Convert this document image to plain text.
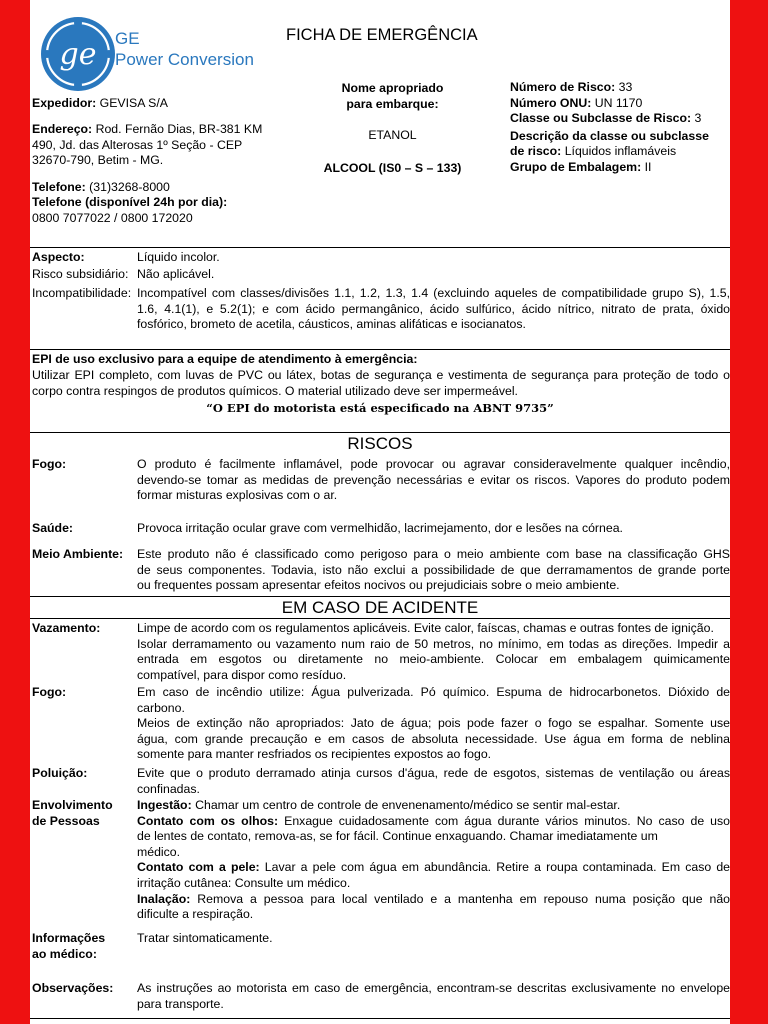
ge GE
Power Conversion
FICHA DE EMERGÊNCIA
Expedidor: GEVISA S/A
Endereço: Rod. Fernão Dias, BR-381 KM
490, Jd. das Alterosas 1º Seção - CEP
32670-790, Betim - MG.
Telefone: (31)3268-8000
Telefone (disponível 24h por dia):
0800 7077022 / 0800 172020
Nome apropriado
para embarque:
ETANOL
ALCOOL (IS0 – S – 133)
Número de Risco: 33
Número ONU: UN 1170
Classe ou Subclasse de Risco: 3
Descrição da classe ou subclasse
de risco: Líquidos inflamáveis
Grupo de Embalagem: II
Aspecto:	Líquido incolor.
Risco subsidiário: Não aplicável.
Incompatibilidade: Incompatível com classes/divisões 1.1, 1.2, 1.3, 1.4 (excluindo aqueles de compatibilidade grupo S), 1.5,
1.6, 4.1(1), e 5.2(1); e com ácido permangânico, ácido sulfúrico, ácido nítrico, nitrato de prata, óxido
fosfórico, brometo de acetila, cáusticos, aminas alifáticas e isocianatos.
EPI de uso exclusivo para a equipe de atendimento à emergência:
Utilizar EPI completo, com luvas de PVC ou látex, botas de segurança e vestimenta de segurança para proteção de todo o
corpo contra respingos de produtos químicos. O material utilizado deve ser impermeável.
“O EPI do motorista está especificado na ABNT 9735”
RISCOS
Fogo:	O produto é facilmente inflamável, pode provocar ou agravar consideravelmente qualquer incêndio,
devendo-se tomar as medidas de prevenção necessárias e evitar os riscos. Vapores do produto podem
formar misturas explosivas com o ar.
Saúde:	Provoca irritação ocular grave com vermelhidão, lacrimejamento, dor e lesões na córnea.
Meio Ambiente: Este produto não é classificado como perigoso para o meio ambiente com base na classificação GHS
de seus componentes. Todavia, isto não exclui a possibilidade de que derramamentos de grande porte
ou frequentes possam apresentar efeitos nocivos ou prejudiciais sobre o meio ambiente.
EM CASO DE ACIDENTE
Vazamento:	Limpe de acordo com os regulamentos aplicáveis. Evite calor, faíscas, chamas e outras fontes de ignição.
Isolar derramamento ou vazamento num raio de 50 metros, no mínimo, em todas as direções. Impedir a
entrada em esgotos ou diretamente no meio-ambiente. Colocar em embalagem quimicamente
compatível, para dispor como resíduo.
Fogo:	Em caso de incêndio utilize: Água pulverizada. Pó químico. Espuma de hidrocarbonetos. Dióxido de
carbono.
Meios de extinção não apropriados: Jato de água; pois pode fazer o fogo se espalhar. Somente use
água, com grande precaução e em casos de absoluta necessidade. Use água em forma de neblina
somente para manter resfriados os recipientes expostos ao fogo.
Poluição:	Evite que o produto derramado atinja cursos d'água, rede de esgotos, sistemas de ventilação ou áreas
confinadas.
Envolvimento
de Pessoas
Ingestão: Chamar um centro de controle de envenenamento/médico se sentir mal-estar.
Contato com os olhos: Enxague cuidadosamente com água durante vários minutos. No caso de uso
de lentes de contato, remova-as, se for fácil. Continue enxaguando. Chamar imediatamente um
médico.
Contato com a pele: Lavar a pele com água em abundância. Retire a roupa contaminada. Em caso de
irritação cutânea: Consulte um médico.
Inalação: Remova a pessoa para local ventilado e a mantenha em repouso numa posição que não
dificulte a respiração.
Informações
ao médico:
Tratar sintomaticamente.
Observações: As instruções ao motorista em caso de emergência, encontram-se descritas exclusivamente no envelope
para transporte.
